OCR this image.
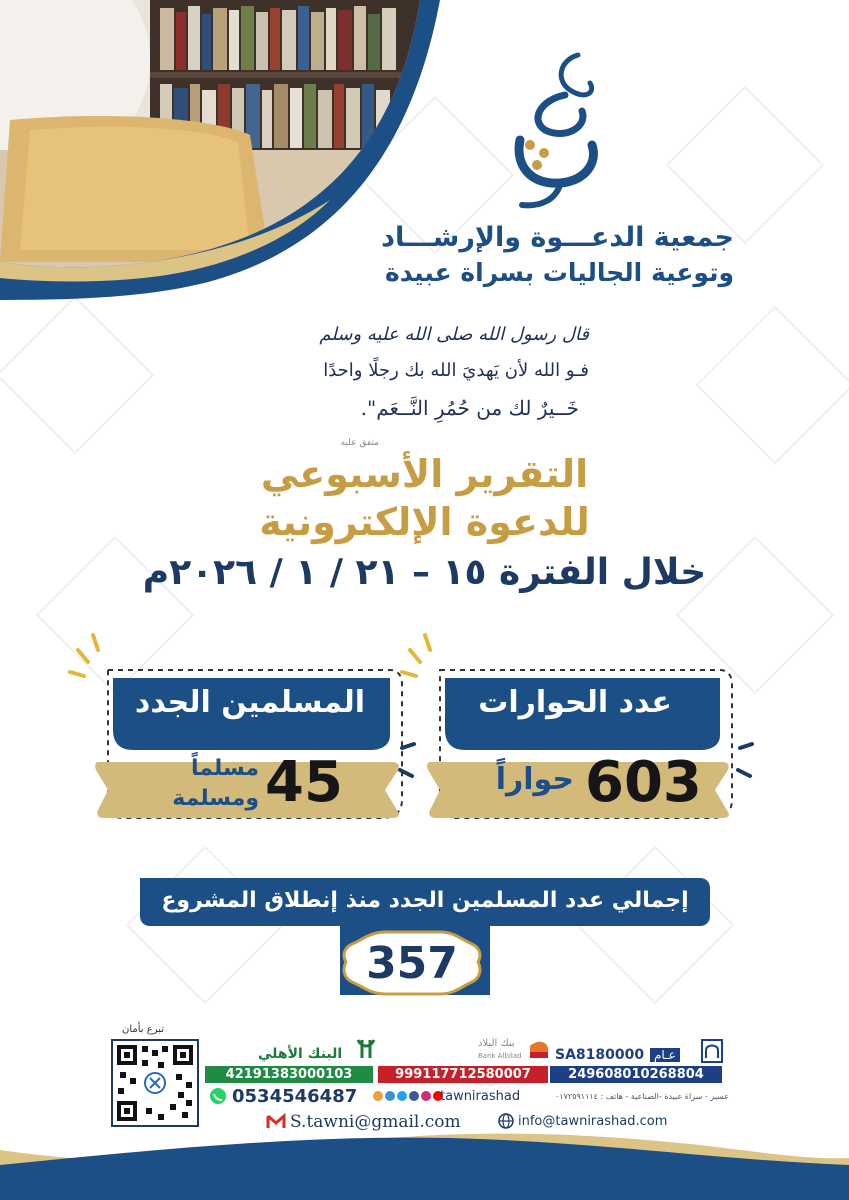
جمعية الدعـــوة والإرشـــاد
وتوعية الجاليات بسراة عبيدة
قال رسول الله صلى الله عليه وسلم
فـو الله لأن يَهديَ الله بك رجلًا واحدًا
خَــيرٌ لك من حُمُرِ النَّــعَم".
متفق عليه
التقرير الأسبوعي
للدعوة الإلكترونية
خلال الفترة ١٥ – ٢١ / ١ / ٢٠٢٦م
عدد الحوارات
603
حواراً
المسلمين الجدد
45
مسلماً
ومسلمة
إجمالي عدد المسلمين الجدد منذ إنطلاق المشروع
357
تبرع بأمان
البنك الأهلي
42191383000103
بنك البلاد
Bank Albilad
999117712580007
SA8180000 عـام
249608010268804
0534546487	tawnirashad	عسير - سراة عبيدة -الصناعية - هاتف : ٠١٧٢٥٩١١١٤
S.tawni@gmail.com	info@tawnirashad.com
